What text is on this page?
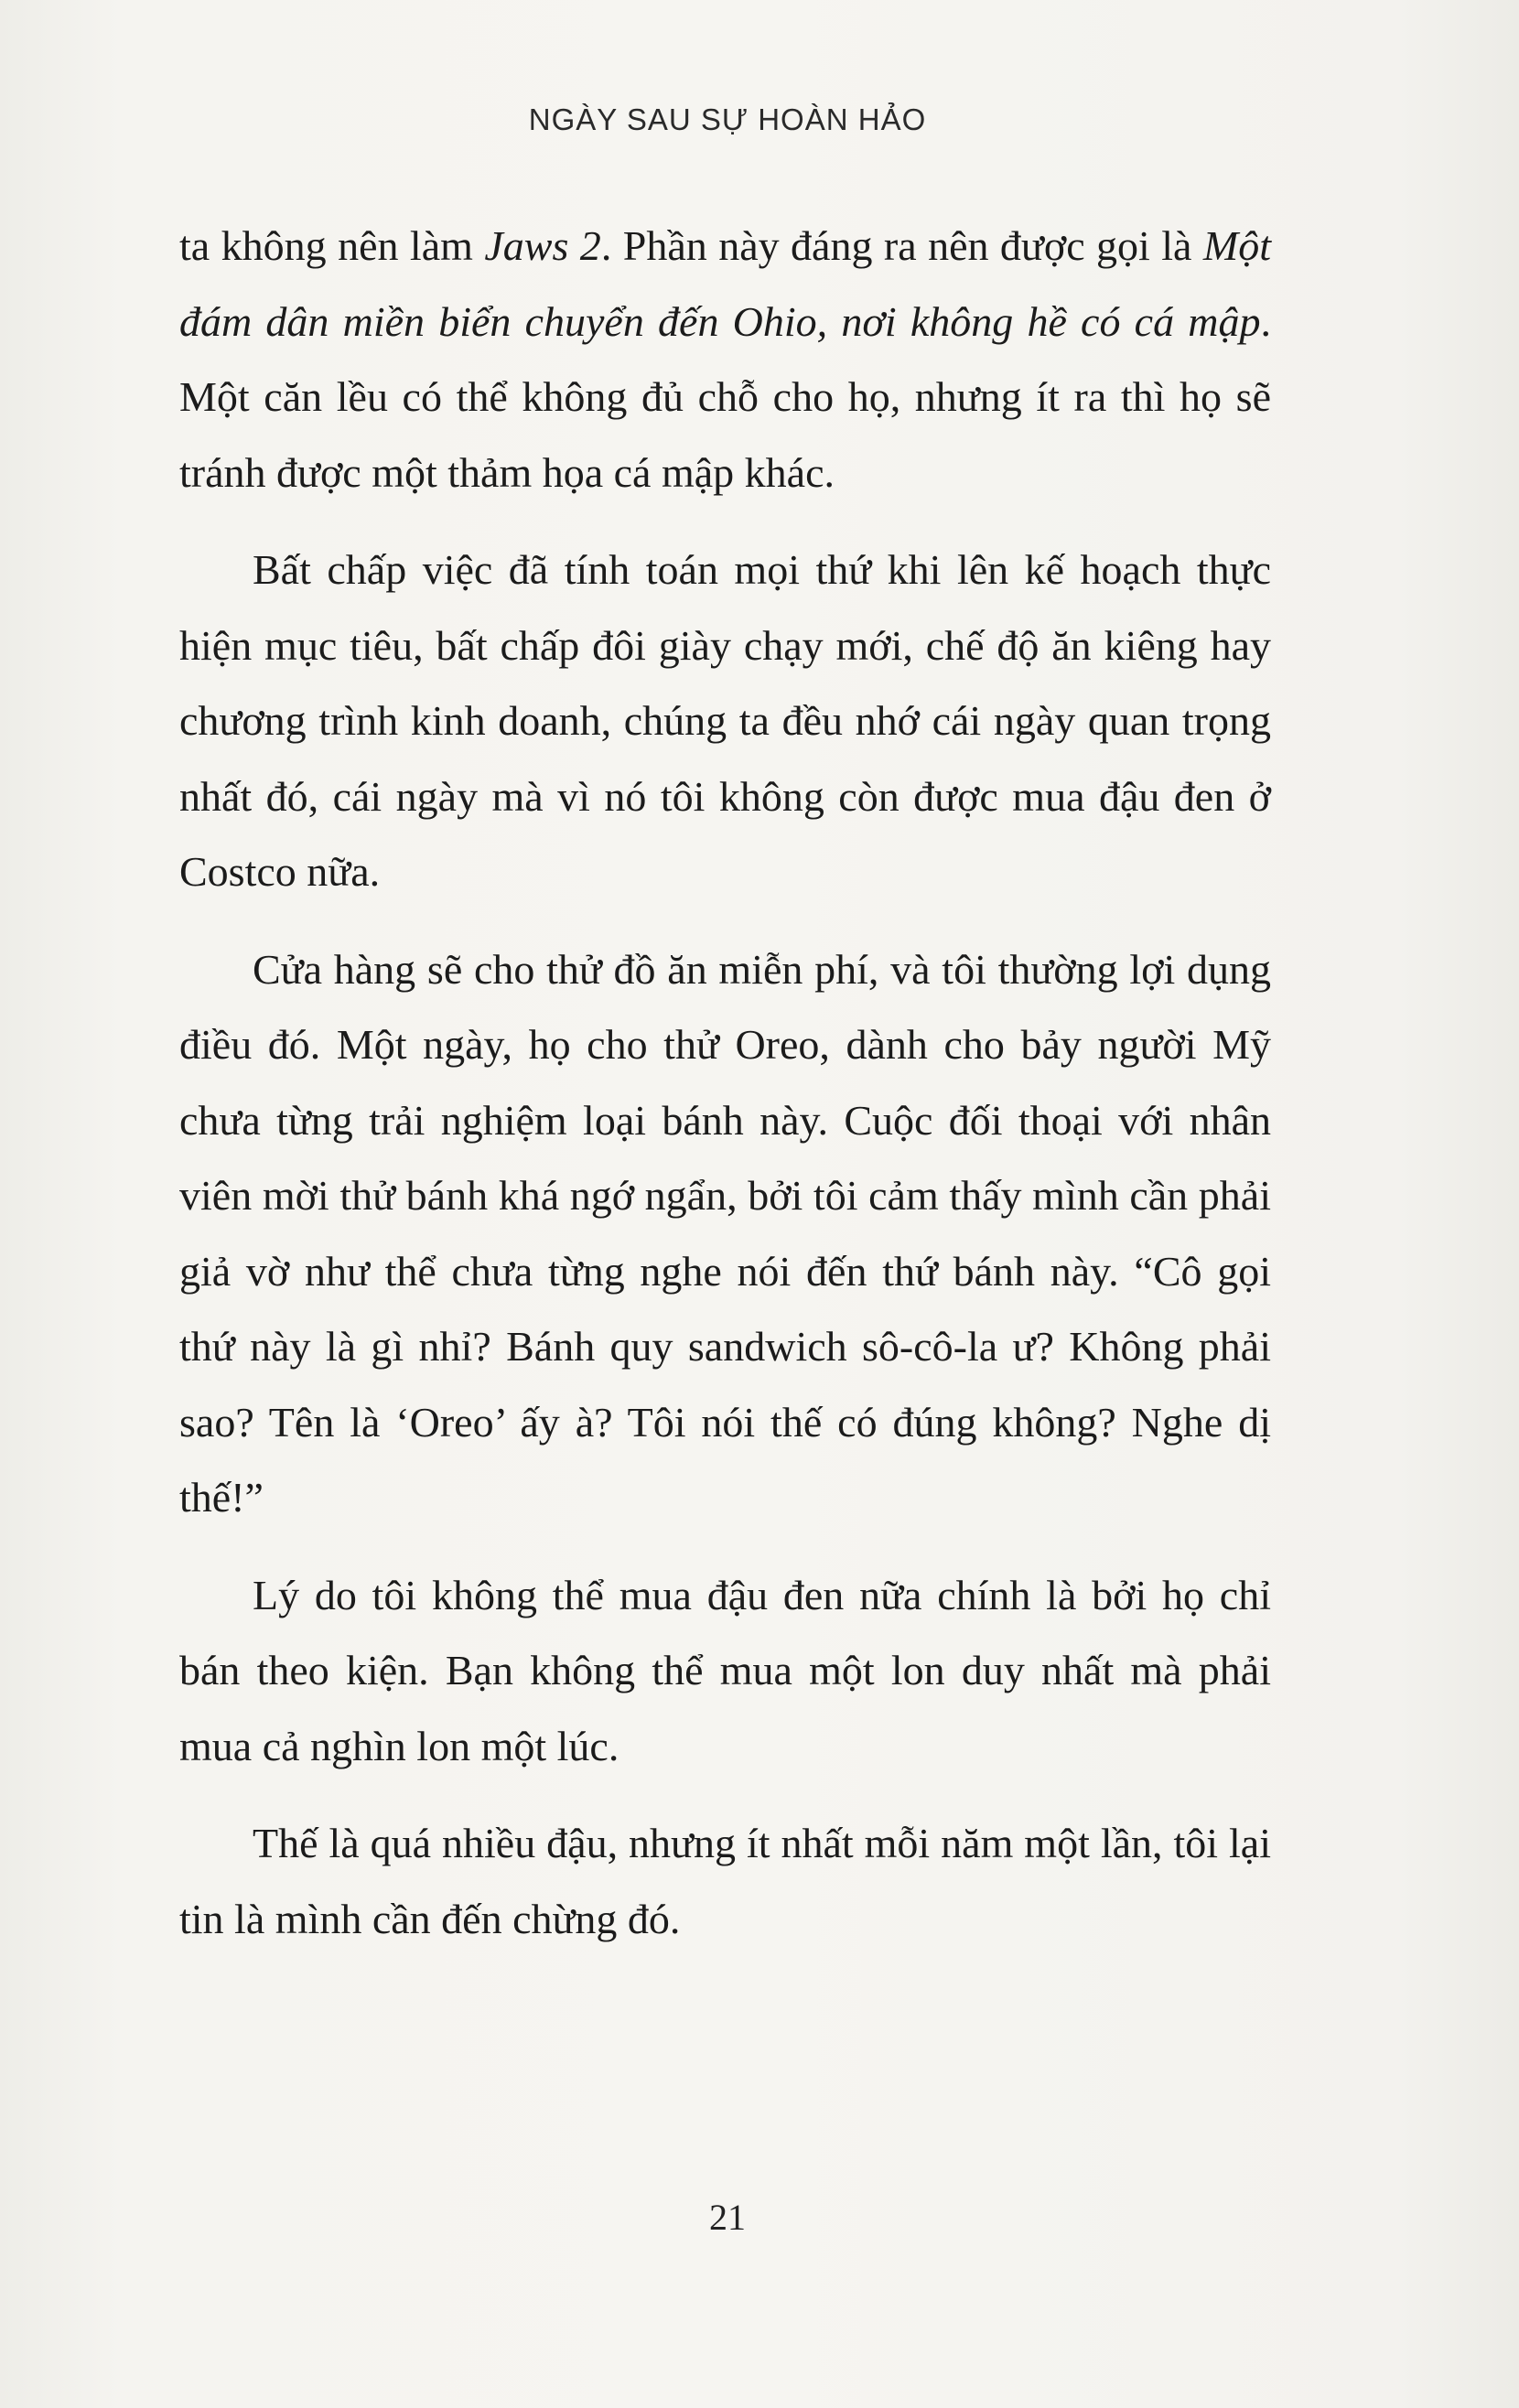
NGÀY SAU SỰ HOÀN HẢO

ta không nên làm Jaws 2. Phần này đáng ra nên được gọi là Một đám dân miền biển chuyển đến Ohio, nơi không hề có cá mập. Một căn lều có thể không đủ chỗ cho họ, nhưng ít ra thì họ sẽ tránh được một thảm họa cá mập khác.

Bất chấp việc đã tính toán mọi thứ khi lên kế hoạch thực hiện mục tiêu, bất chấp đôi giày chạy mới, chế độ ăn kiêng hay chương trình kinh doanh, chúng ta đều nhớ cái ngày quan trọng nhất đó, cái ngày mà vì nó tôi không còn được mua đậu đen ở Costco nữa.

Cửa hàng sẽ cho thử đồ ăn miễn phí, và tôi thường lợi dụng điều đó. Một ngày, họ cho thử Oreo, dành cho bảy người Mỹ chưa từng trải nghiệm loại bánh này. Cuộc đối thoại với nhân viên mời thử bánh khá ngớ ngẩn, bởi tôi cảm thấy mình cần phải giả vờ như thể chưa từng nghe nói đến thứ bánh này. “Cô gọi thứ này là gì nhỉ? Bánh quy sandwich sô-cô-la ư? Không phải sao? Tên là ‘Oreo’ ấy à? Tôi nói thế có đúng không? Nghe dị thế!”

Lý do tôi không thể mua đậu đen nữa chính là bởi họ chỉ bán theo kiện. Bạn không thể mua một lon duy nhất mà phải mua cả nghìn lon một lúc.

Thế là quá nhiều đậu, nhưng ít nhất mỗi năm một lần, tôi lại tin là mình cần đến chừng đó.

21
